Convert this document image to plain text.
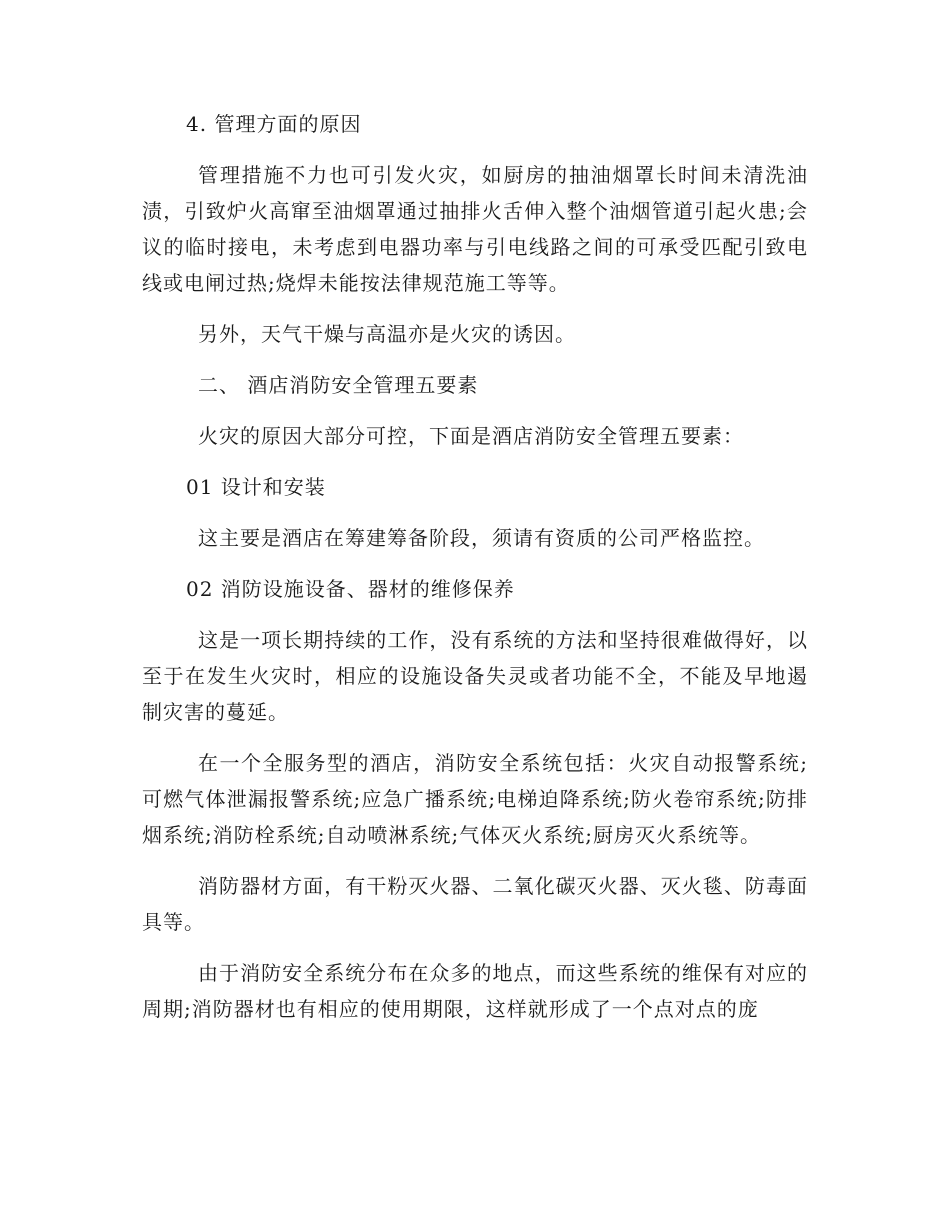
4. 管理方面的原因

管理措施不力也可引发火灾，如厨房的抽油烟罩长时间未清洗油渍，引致炉火高窜至油烟罩通过抽排火舌伸入整个油烟管道引起火患;会议的临时接电，未考虑到电器功率与引电线路之间的可承受匹配引致电线或电闸过热;烧焊未能按法律规范施工等等。

另外，天气干燥与高温亦是火灾的诱因。

二、 酒店消防安全管理五要素

火灾的原因大部分可控，下面是酒店消防安全管理五要素：

01 设计和安装

这主要是酒店在筹建筹备阶段，须请有资质的公司严格监控。

02 消防设施设备、器材的维修保养

这是一项长期持续的工作，没有系统的方法和坚持很难做得好，以至于在发生火灾时，相应的设施设备失灵或者功能不全，不能及早地遏制灾害的蔓延。

在一个全服务型的酒店，消防安全系统包括：火灾自动报警系统;可燃气体泄漏报警系统;应急广播系统;电梯迫降系统;防火卷帘系统;防排烟系统;消防栓系统;自动喷淋系统;气体灭火系统;厨房灭火系统等。

消防器材方面，有干粉灭火器、二氧化碳灭火器、灭火毯、防毒面具等。

由于消防安全系统分布在众多的地点，而这些系统的维保有对应的周期;消防器材也有相应的使用期限，这样就形成了一个点对点的庞
